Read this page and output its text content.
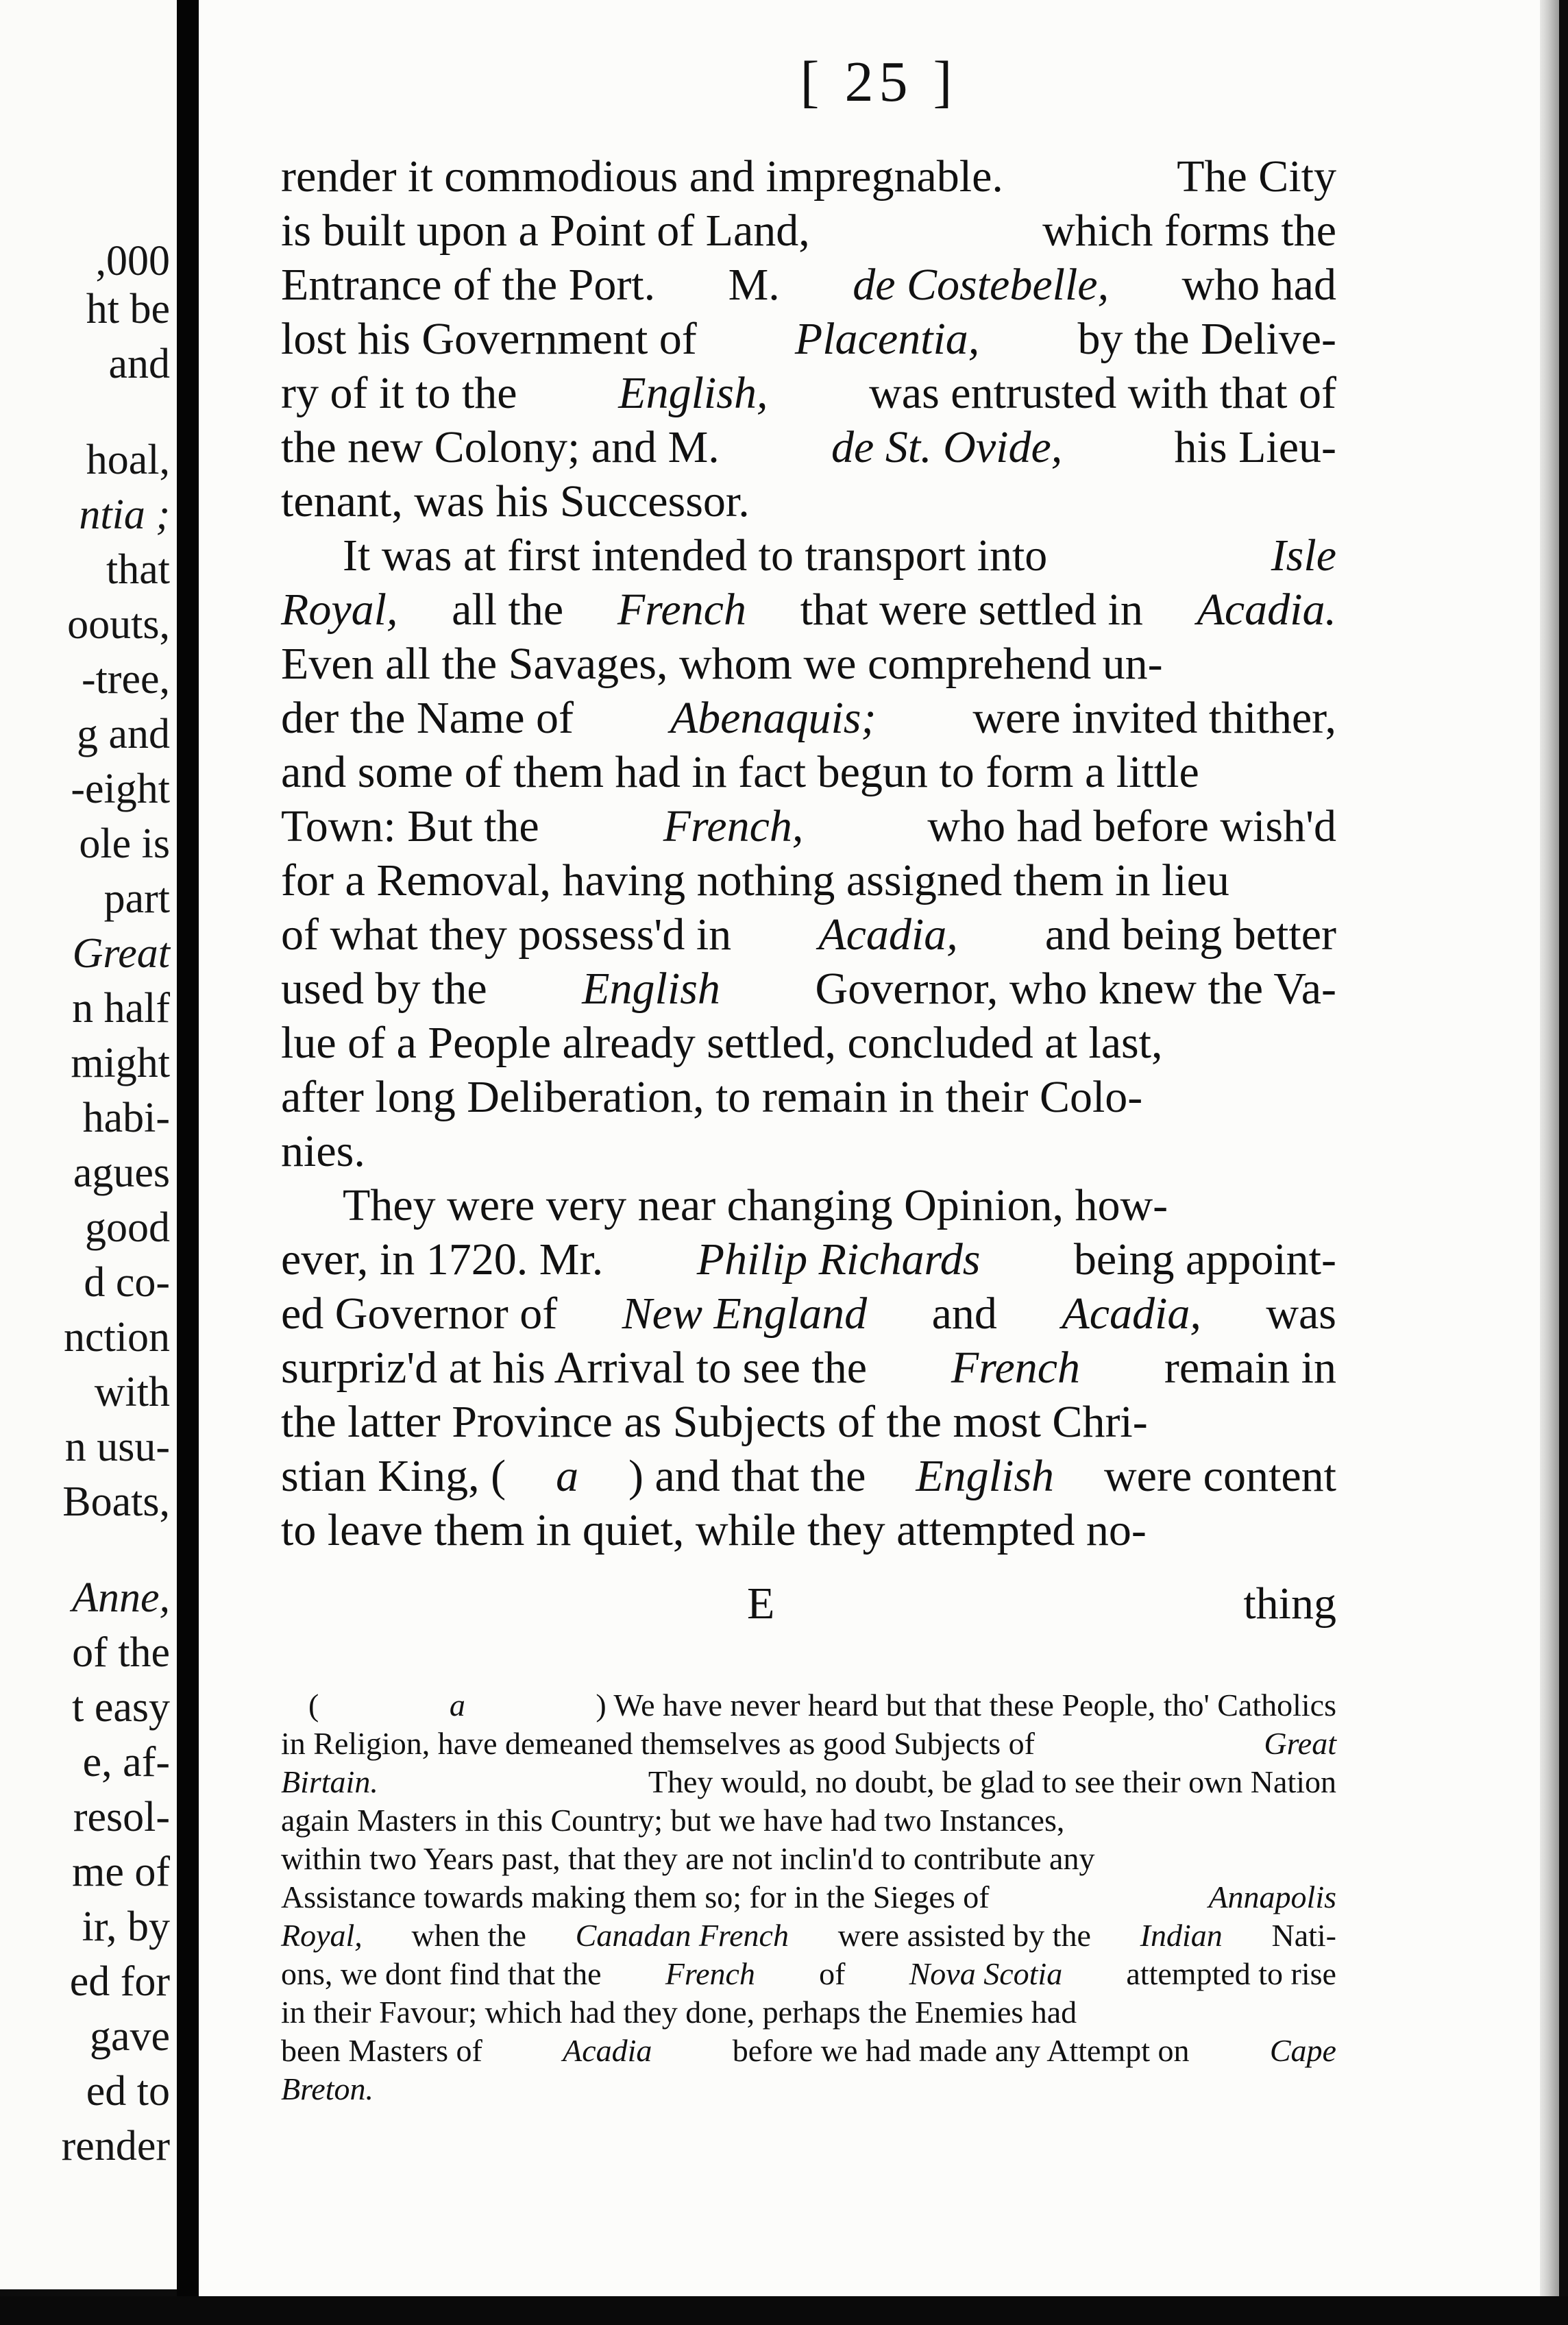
,000
ht be
and
hoal,
ntia ;
that
oouts,
-tree,
g and
-eight
ole is
part
Great
n half
might
habi-
agues
good
d co-
nction
with
n usu-
Boats,
Anne,
of the
t easy
e, af-
resol-
me of
ir, by
ed for
gave
ed to
render
[ 25 ]
render it commodious and impregnable.	The City
is built upon a Point of Land,	which forms the
Entrance of the Port. M. de Costebelle, who had
lost his Government of Placentia, by the Delive-
ry of it to the English, was entrusted with that of
the new Colony; and M. de St. Ovide, his Lieu-
tenant, was his Successor.
It was at first intended to transport into	Isle
Royal, all the French that were settled in Acadia.
Even all the Savages, whom we comprehend un-
der the Name of Abenaquis; were invited thither,
and some of them had in fact begun to form a little
Town: But the	French,	who had before wish'd
for a Removal, having nothing assigned them in lieu
of what they possess'd in Acadia, and being better
used by the English Governor, who knew the Va-
lue of a People already settled, concluded at last,
after long Deliberation, to remain in their Colo-
nies.
They were very near changing Opinion, how-
ever, in 1720. Mr. Philip Richards being appoint-
ed Governor of New England and Acadia, was
surpriz'd at his Arrival to see the French remain in
the latter Province as Subjects of the most Chri-
stian King, ( a ) and that the English were content
to leave them in quiet, while they attempted no-
E	thing
(	a	) We have never heard but that these People, tho' Catholics
in Religion, have demeaned themselves as good Subjects of	Great
Birtain.	They would, no doubt, be glad to see their own Nation
again Masters in this Country; but we have had two Instances,
within two Years past, that they are not inclin'd to contribute any
Assistance towards making them so; for in the Sieges of	Annapolis
Royal, when the Canadan French were assisted by the Indian Nati-
ons, we dont find that the French of Nova Scotia attempted to rise
in their Favour; which had they done, perhaps the Enemies had
been Masters of	Acadia	before we had made any Attempt on	Cape
Breton.
